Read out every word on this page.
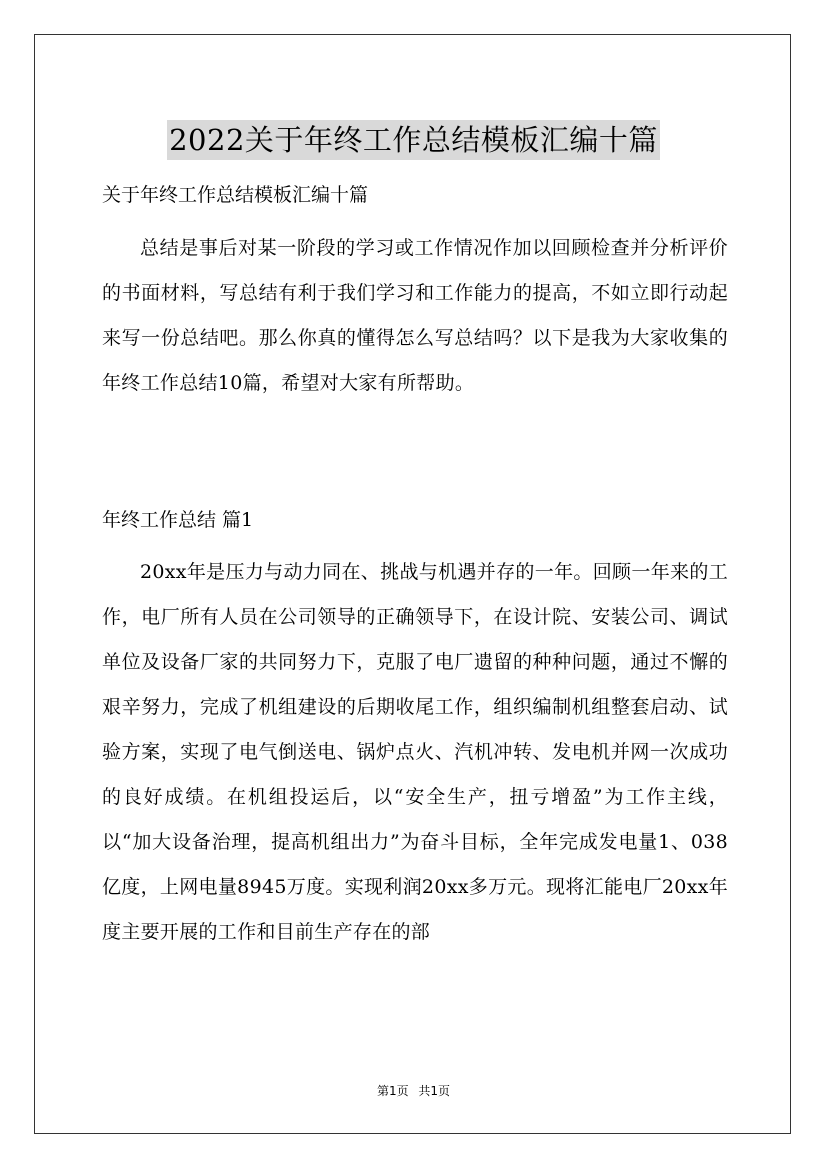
2022关于年终工作总结模板汇编十篇
关于年终工作总结模板汇编十篇

总结是事后对某一阶段的学习或工作情况作加以回顾检查并分析评价的书面材料，写总结有利于我们学习和工作能力的提高，不如立即行动起来写一份总结吧。那么你真的懂得怎么写总结吗？以下是我为大家收集的年终工作总结10篇，希望对大家有所帮助。

年终工作总结 篇1

20xx年是压力与动力同在、挑战与机遇并存的一年。回顾一年来的工作，电厂所有人员在公司领导的正确领导下，在设计院、安装公司、调试单位及设备厂家的共同努力下，克服了电厂遗留的种种问题，通过不懈的艰辛努力，完成了机组建设的后期收尾工作，组织编制机组整套启动、试验方案，实现了电气倒送电、锅炉点火、汽机冲转、发电机并网一次成功的良好成绩。在机组投运后，以“安全生产，扭亏增盈”为工作主线，以“加大设备治理，提高机组出力”为奋斗目标，全年完成发电量1、038亿度，上网电量8945万度。实现利润20xx多万元。现将汇能电厂20xx年度主要开展的工作和目前生产存在的部

第1页 共1页
